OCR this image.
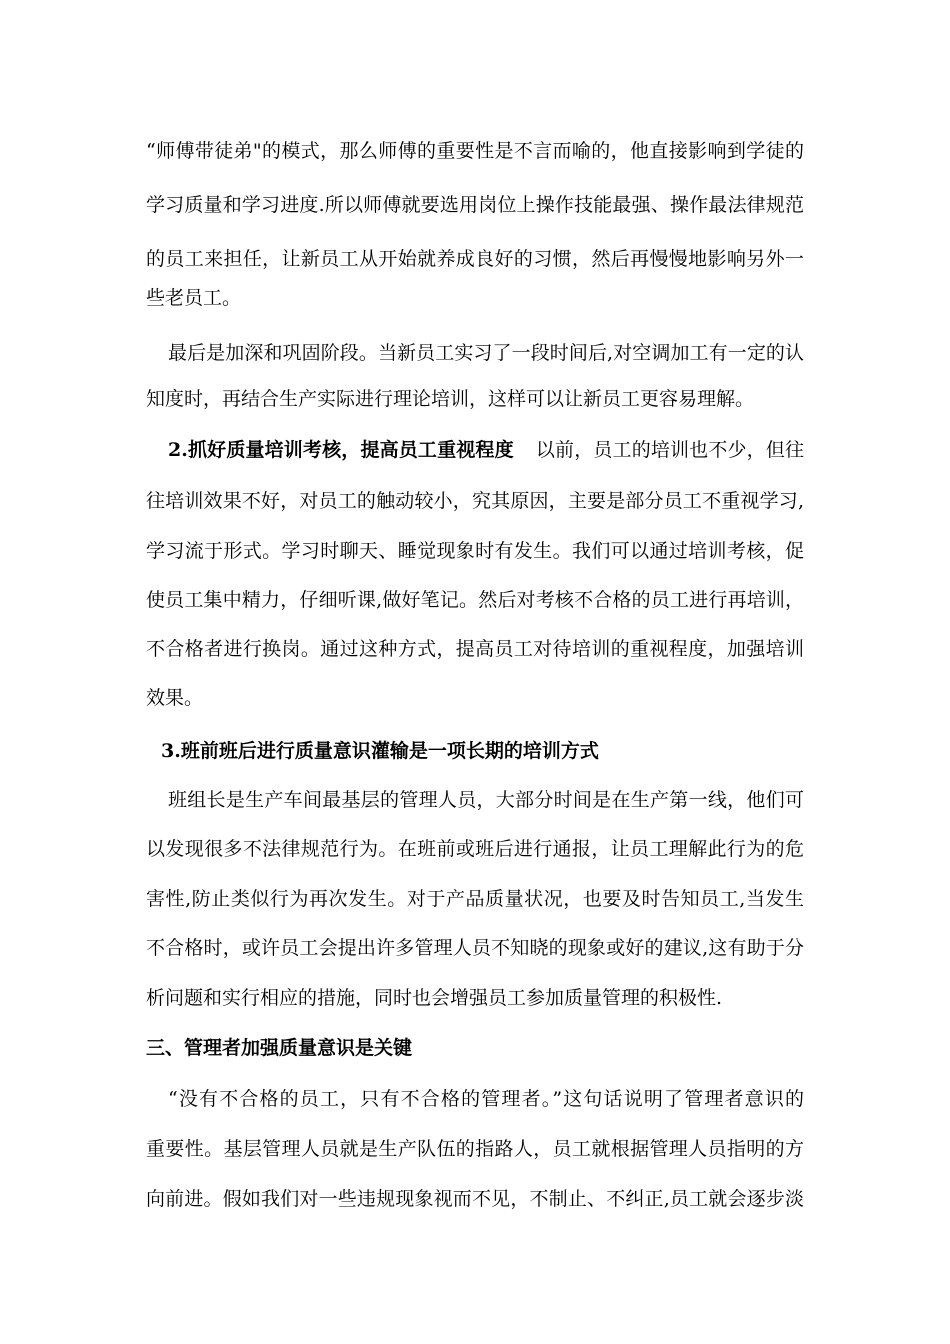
“师傅带徒弟"的模式，那么师傅的重要性是不言而喻的，他直接影响到学徒的
学习质量和学习进度.所以师傅就要选用岗位上操作技能最强、操作最法律规范
的员工来担任，让新员工从开始就养成良好的习惯，然后再慢慢地影响另外一
些老员工。
最后是加深和巩固阶段。当新员工实习了一段时间后,对空调加工有一定的认
知度时，再结合生产实际进行理论培训，这样可以让新员工更容易理解。
2.抓好质量培训考核，提高员工重视程度 以前，员工的培训也不少，但往
往培训效果不好，对员工的触动较小，究其原因，主要是部分员工不重视学习,
学习流于形式。学习时聊天、睡觉现象时有发生。我们可以通过培训考核，促
使员工集中精力，仔细听课,做好笔记。然后对考核不合格的员工进行再培训，
不合格者进行换岗。通过这种方式，提高员工对待培训的重视程度，加强培训
效果。
3.班前班后进行质量意识灌输是一项长期的培训方式
班组长是生产车间最基层的管理人员，大部分时间是在生产第一线，他们可
以发现很多不法律规范行为。在班前或班后进行通报，让员工理解此行为的危
害性,防止类似行为再次发生。对于产品质量状况，也要及时告知员工,当发生
不合格时，或许员工会提出许多管理人员不知晓的现象或好的建议,这有助于分
析问题和实行相应的措施，同时也会增强员工参加质量管理的积极性.
三、管理者加强质量意识是关键
“没有不合格的员工，只有不合格的管理者。”这句话说明了管理者意识的
重要性。基层管理人员就是生产队伍的指路人，员工就根据管理人员指明的方
向前进。假如我们对一些违规现象视而不见，不制止、不纠正,员工就会逐步淡
